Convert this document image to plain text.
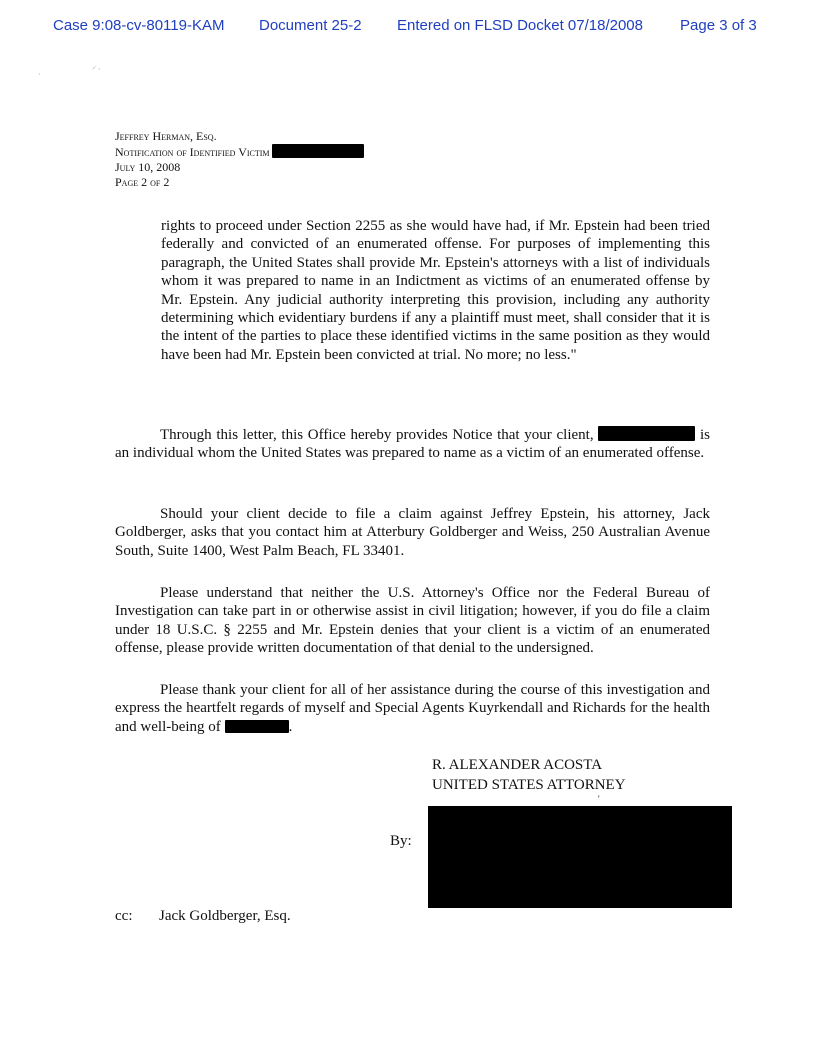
Case 9:08-cv-80119-KAM Document 25-2 Entered on FLSD Docket 07/18/2008 Page 3 of 3
·
⸍ ·
Jeffrey Herman, Esq.
Notification of Identified Victim
July 10, 2008
Page 2 of 2

rights to proceed under Section 2255 as she would have had, if Mr. Epstein had been tried federally and convicted of an enumerated offense. For purposes of implementing this paragraph, the United States shall provide Mr. Epstein's attorneys with a list of individuals whom it was prepared to name in an Indictment as victims of an enumerated offense by Mr. Epstein. Any judicial authority interpreting this provision, including any authority determining which evidentiary burdens if any a plaintiff must meet, shall consider that it is the intent of the parties to place these identified victims in the same position as they would have been had Mr. Epstein been convicted at trial. No more; no less."

Through this letter, this Office hereby provides Notice that your client,	is an individual whom the United States was prepared to name as a victim of an enumerated offense.

Should your client decide to file a claim against Jeffrey Epstein, his attorney, Jack Goldberger, asks that you contact him at Atterbury Goldberger and Weiss, 250 Australian Avenue South, Suite 1400, West Palm Beach, FL 33401.

Please understand that neither the U.S. Attorney's Office nor the Federal Bureau of Investigation can take part in or otherwise assist in civil litigation; however, if you do file a claim under 18 U.S.C. § 2255 and Mr. Epstein denies that your client is a victim of an enumerated offense, please provide written documentation of that denial to the undersigned.

Please thank your client for all of her assistance during the course of this investigation and express the heartfelt regards of myself and Special Agents Kuyrkendall and Richards for the health and well-being of	.

R. ALEXANDER ACOSTA
UNITED STATES ATTORNEY
'
By:
cc: Jack Goldberger, Esq.
